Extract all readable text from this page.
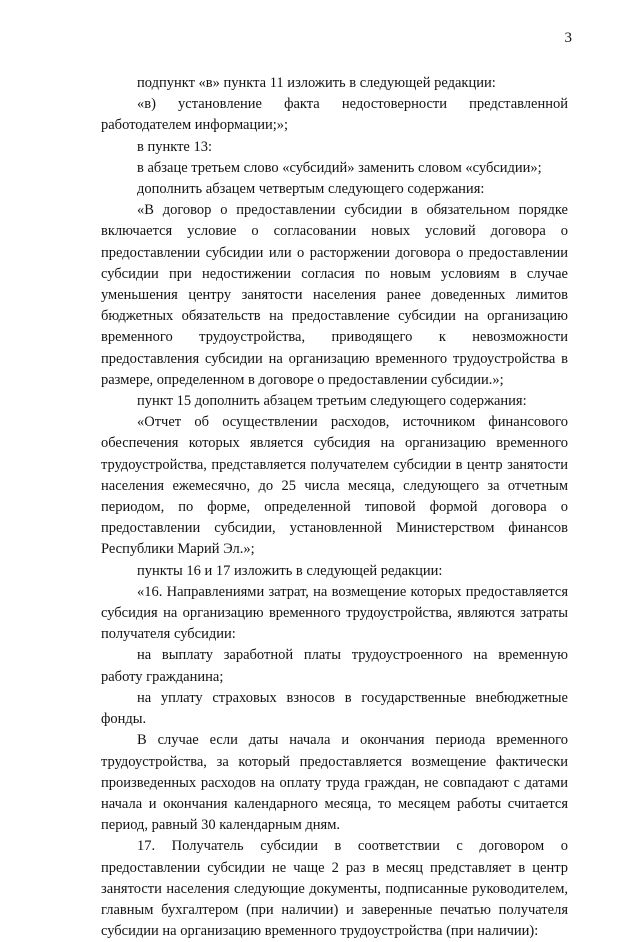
3

подпункт «в» пункта 11 изложить в следующей редакции:

«в) установление факта недостоверности представленной работодателем информации;»;

в пункте 13:

в абзаце третьем слово «субсидий» заменить словом «субсидии»;

дополнить абзацем четвертым следующего содержания:

«В договор о предоставлении субсидии в обязательном порядке включается условие о согласовании новых условий договора о предоставлении субсидии или о расторжении договора о предоставлении субсидии при недостижении согласия по новым условиям в случае уменьшения центру занятости населения ранее доведенных лимитов бюджетных обязательств на предоставление субсидии на организацию временного трудоустройства, приводящего к невозможности предоставления субсидии на организацию временного трудоустройства в размере, определенном в договоре о предоставлении субсидии.»;

пункт 15 дополнить абзацем третьим следующего содержания:

«Отчет об осуществлении расходов, источником финансового обеспечения которых является субсидия на организацию временного трудоустройства, представляется получателем субсидии в центр занятости населения ежемесячно, до 25 числа месяца, следующего за отчетным периодом, по форме, определенной типовой формой договора о предоставлении субсидии, установленной Министерством финансов Республики Марий Эл.»;

пункты 16 и 17 изложить в следующей редакции:

«16. Направлениями затрат, на возмещение которых предоставляется субсидия на организацию временного трудоустройства, являются затраты получателя субсидии:

на выплату заработной платы трудоустроенного на временную работу гражданина;

на уплату страховых взносов в государственные внебюджетные фонды.

В случае если даты начала и окончания периода временного трудоустройства, за который предоставляется возмещение фактически произведенных расходов на оплату труда граждан, не совпадают с датами начала и окончания календарного месяца, то месяцем работы считается период, равный 30 календарным дням.

17. Получатель субсидии в соответствии с договором о предоставлении субсидии не чаще 2 раз в месяц представляет в центр занятости населения следующие документы, подписанные руководителем, главным бухгалтером (при наличии) и заверенные печатью получателя субсидии на организацию временного трудоустройства (при наличии):
